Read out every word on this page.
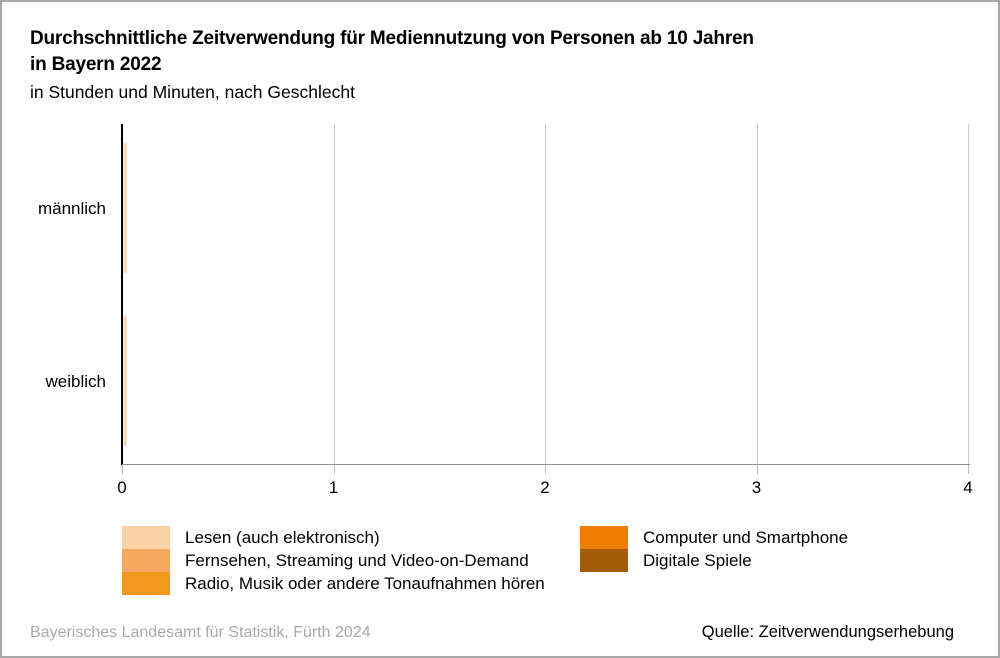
Durchschnittliche Zeitverwendung für Mediennutzung von Personen ab 10 Jahren
in Bayern 2022
in Stunden und Minuten, nach Geschlecht
männlich
weiblich
0	1	2	3	4
Lesen (auch elektronisch)
Fernsehen, Streaming und Video-on-Demand
Radio, Musik oder andere Tonaufnahmen hören
Computer und Smartphone
Digitale Spiele
Bayerisches Landesamt für Statistik, Fürth 2024	Quelle: Zeitverwendungserhebung
